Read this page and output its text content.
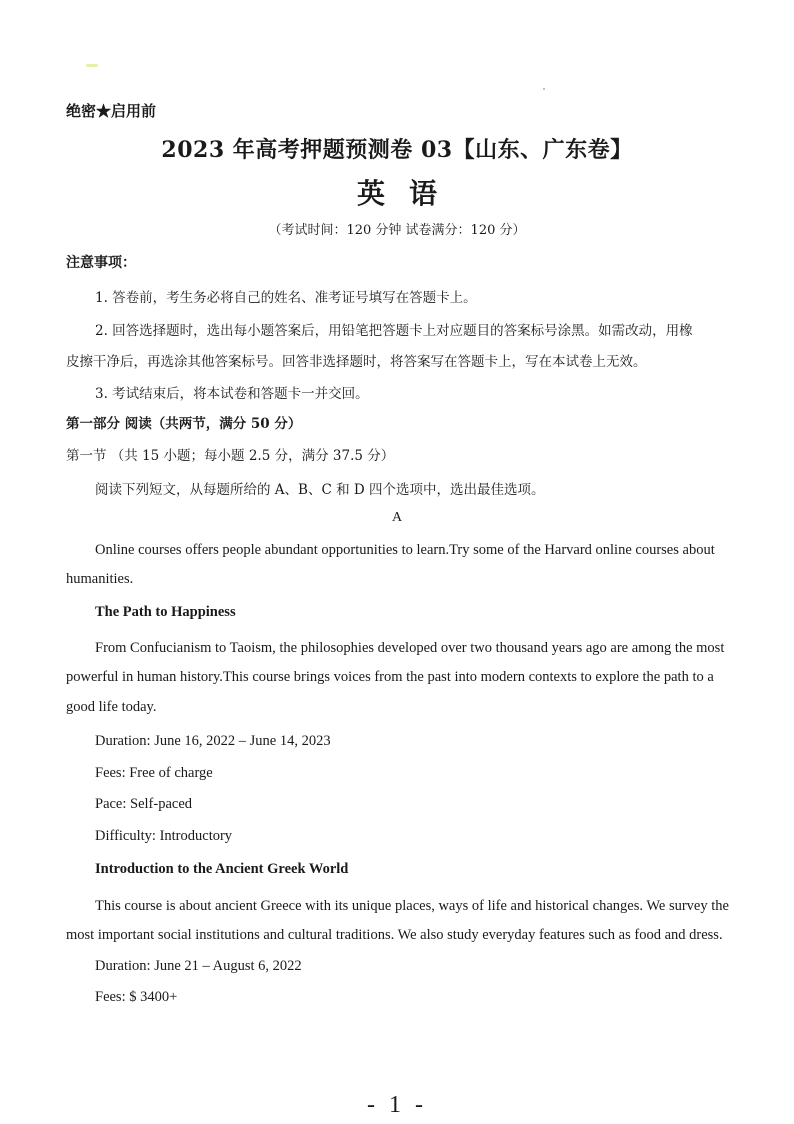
绝密★启用前
2023 年高考押题预测卷 03【山东、广东卷】
英语
（考试时间：120 分钟 试卷满分：120 分）
注意事项：
1. 答卷前，考生务必将自己的姓名、准考证号填写在答题卡上。
2. 回答选择题时，选出每小题答案后，用铅笔把答题卡上对应题目的答案标号涂黑。如需改动，用橡
皮擦干净后，再选涂其他答案标号。回答非选择题时，将答案写在答题卡上，写在本试卷上无效。
3. 考试结束后，将本试卷和答题卡一并交回。
第一部分 阅读（共两节，满分 50 分）
第一节 （共 15 小题；每小题 2.5 分，满分 37.5 分）
阅读下列短文，从每题所给的 A、B、C 和 D 四个选项中，选出最佳选项。
A
Online courses offers people abundant opportunities to learn.Try some of the Harvard online courses about
humanities.
The Path to Happiness
From Confucianism to Taoism, the philosophies developed over two thousand years ago are among the most
powerful in human history.This course brings voices from the past into modern contexts to explore the path to a
good life today.
Duration: June 16, 2022 – June 14, 2023
Fees: Free of charge
Pace: Self-paced
Difficulty: Introductory
Introduction to the Ancient Greek World
This course is about ancient Greece with its unique places, ways of life and historical changes. We survey the
most important social institutions and cultural traditions. We also study everyday features such as food and dress.
Duration: June 21 – August 6, 2022
Fees: $ 3400+
- 1 -
